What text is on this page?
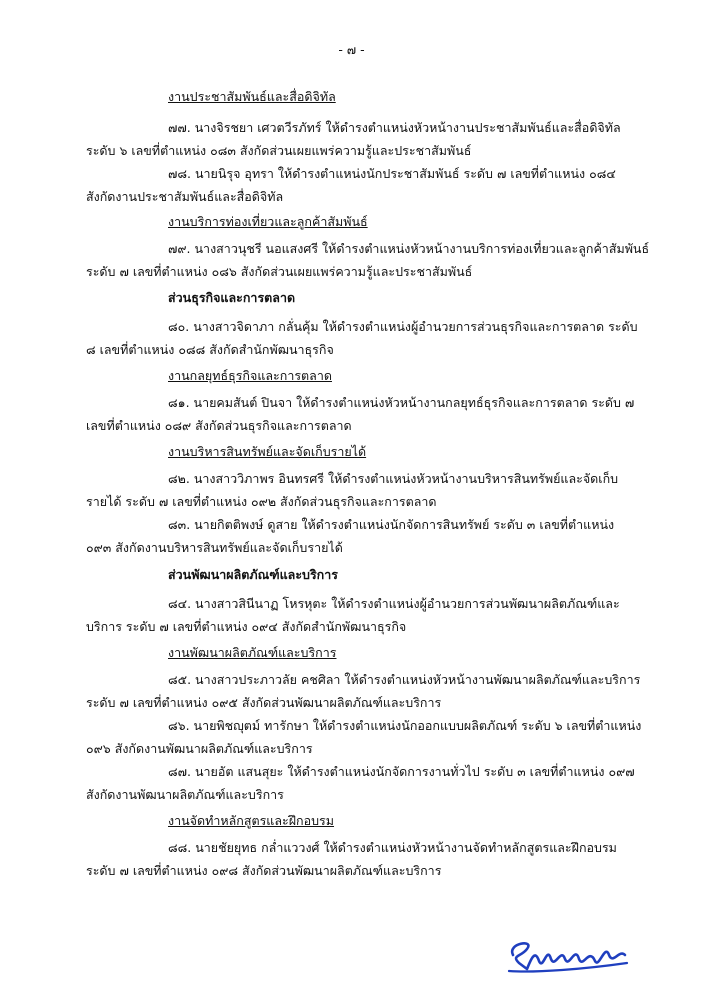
- ๗ -
งานประชาสัมพันธ์และสื่อดิจิทัล
๗๗. นางจิรชยา เศวตวีรภัทร์ ให้ดำรงตำแหน่งหัวหน้างานประชาสัมพันธ์และสื่อดิจิทัล
ระดับ ๖ เลขที่ตำแหน่ง ๐๘๓ สังกัดส่วนเผยแพร่ความรู้และประชาสัมพันธ์
๗๘. นายนิรุจ อุทรา ให้ดำรงตำแหน่งนักประชาสัมพันธ์ ระดับ ๗ เลขที่ตำแหน่ง ๐๘๔
สังกัดงานประชาสัมพันธ์และสื่อดิจิทัล
งานบริการท่องเที่ยวและลูกค้าสัมพันธ์
๗๙. นางสาวนุชรี นอแสงศรี ให้ดำรงตำแหน่งหัวหน้างานบริการท่องเที่ยวและลูกค้าสัมพันธ์
ระดับ ๗ เลขที่ตำแหน่ง ๐๘๖ สังกัดส่วนเผยแพร่ความรู้และประชาสัมพันธ์
ส่วนธุรกิจและการตลาด
๘๐. นางสาวจิดาภา กลั่นคุ้ม ให้ดำรงตำแหน่งผู้อำนวยการส่วนธุรกิจและการตลาด ระดับ
๘ เลขที่ตำแหน่ง ๐๘๘ สังกัดสำนักพัฒนาธุรกิจ
งานกลยุทธ์ธุรกิจและการตลาด
๘๑. นายคมสันต์ ปินจา ให้ดำรงตำแหน่งหัวหน้างานกลยุทธ์ธุรกิจและการตลาด ระดับ ๗
เลขที่ตำแหน่ง ๐๘๙ สังกัดส่วนธุรกิจและการตลาด
งานบริหารสินทรัพย์และจัดเก็บรายได้
๘๒. นางสาววิภาพร อินทรศรี ให้ดำรงตำแหน่งหัวหน้างานบริหารสินทรัพย์และจัดเก็บ
รายได้ ระดับ ๗ เลขที่ตำแหน่ง ๐๙๒ สังกัดส่วนธุรกิจและการตลาด
๘๓. นายกิตติพงษ์ ดูสาย ให้ดำรงตำแหน่งนักจัดการสินทรัพย์ ระดับ ๓ เลขที่ตำแหน่ง
๐๙๓ สังกัดงานบริหารสินทรัพย์และจัดเก็บรายได้
ส่วนพัฒนาผลิตภัณฑ์และบริการ
๘๔. นางสาวสินีนาฏ โหรหุตะ ให้ดำรงตำแหน่งผู้อำนวยการส่วนพัฒนาผลิตภัณฑ์และ
บริการ ระดับ ๗ เลขที่ตำแหน่ง ๐๙๔ สังกัดสำนักพัฒนาธุรกิจ
งานพัฒนาผลิตภัณฑ์และบริการ
๘๕. นางสาวประภาวลัย คชศิลา ให้ดำรงตำแหน่งหัวหน้างานพัฒนาผลิตภัณฑ์และบริการ
ระดับ ๗ เลขที่ตำแหน่ง ๐๙๕ สังกัดส่วนพัฒนาผลิตภัณฑ์และบริการ
๘๖. นายพิชญุตม์ ทารักษา ให้ดำรงตำแหน่งนักออกแบบผลิตภัณฑ์ ระดับ ๖ เลขที่ตำแหน่ง
๐๙๖ สังกัดงานพัฒนาผลิตภัณฑ์และบริการ
๘๗. นายอัต แสนสุยะ ให้ดำรงตำแหน่งนักจัดการงานทั่วไป ระดับ ๓ เลขที่ตำแหน่ง ๐๙๗
สังกัดงานพัฒนาผลิตภัณฑ์และบริการ
งานจัดทำหลักสูตรและฝึกอบรม
๘๘. นายชัยยุทธ กล่ำแววงศ์ ให้ดำรงตำแหน่งหัวหน้างานจัดทำหลักสูตรและฝึกอบรม
ระดับ ๗ เลขที่ตำแหน่ง ๐๙๘ สังกัดส่วนพัฒนาผลิตภัณฑ์และบริการ
